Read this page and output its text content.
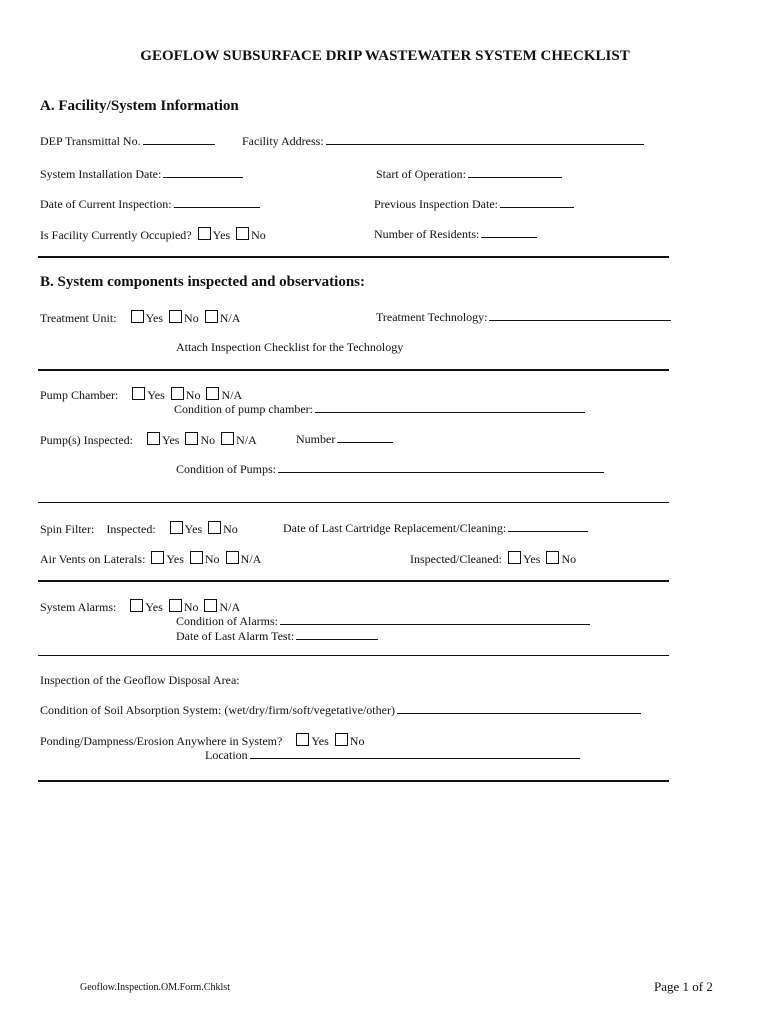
GEOFLOW SUBSURFACE DRIP WASTEWATER SYSTEM CHECKLIST
A. Facility/System Information
DEP Transmittal No.	Facility Address:
System Installation Date:	Start of Operation:
Date of Current Inspection:	Previous Inspection Date:
Is Facility Currently Occupied? Yes No	Number of Residents:
B. System components inspected and observations:
Treatment Unit: Yes No N/A	Treatment Technology:
Attach Inspection Checklist for the Technology
Pump Chamber: Yes No N/A
Condition of pump chamber:
Pump(s) Inspected: Yes No N/A	Number
Condition of Pumps:
Spin Filter: Inspected: Yes No	Date of Last Cartridge Replacement/Cleaning:
Air Vents on Laterals: Yes No N/A	Inspected/Cleaned: Yes No
System Alarms: Yes No N/A
Condition of Alarms:
Date of Last Alarm Test:
Inspection of the Geoflow Disposal Area:
Condition of Soil Absorption System: (wet/dry/firm/soft/vegetative/other)
Ponding/Dampness/Erosion Anywhere in System? Yes No
Location
Geoflow.Inspection.OM.Form.Chklst	Page 1 of 2
